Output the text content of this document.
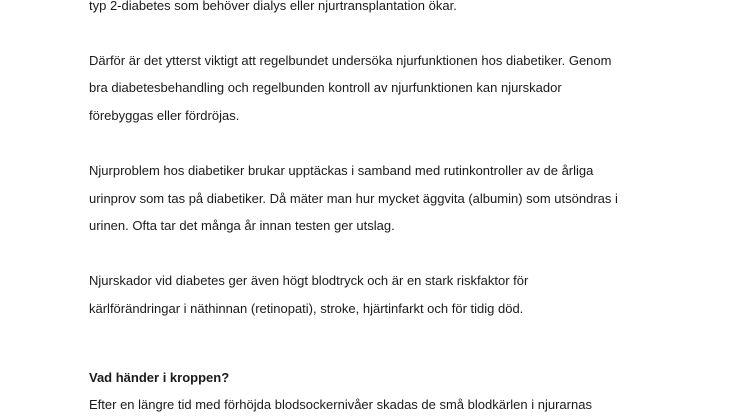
typ 2-diabetes som behöver dialys eller njurtransplantation ökar.
Därför är det ytterst viktigt att regelbundet undersöka njurfunktionen hos diabetiker. Genom
bra diabetesbehandling och regelbunden kontroll av njurfunktionen kan njurskador
förebyggas eller fördröjas.
Njurproblem hos diabetiker brukar upptäckas i samband med rutinkontroller av de årliga
urinprov som tas på diabetiker. Då mäter man hur mycket äggvita (albumin) som utsöndras i
urinen. Ofta tar det många år innan testen ger utslag.
Njurskador vid diabetes ger även högt blodtryck och är en stark riskfaktor för
kärlförändringar i näthinnan (retinopati), stroke, hjärtinfarkt och för tidig död.
Vad händer i kroppen?
Efter en längre tid med förhöjda blodsockernivåer skadas de små blodkärlen i njurarnas
